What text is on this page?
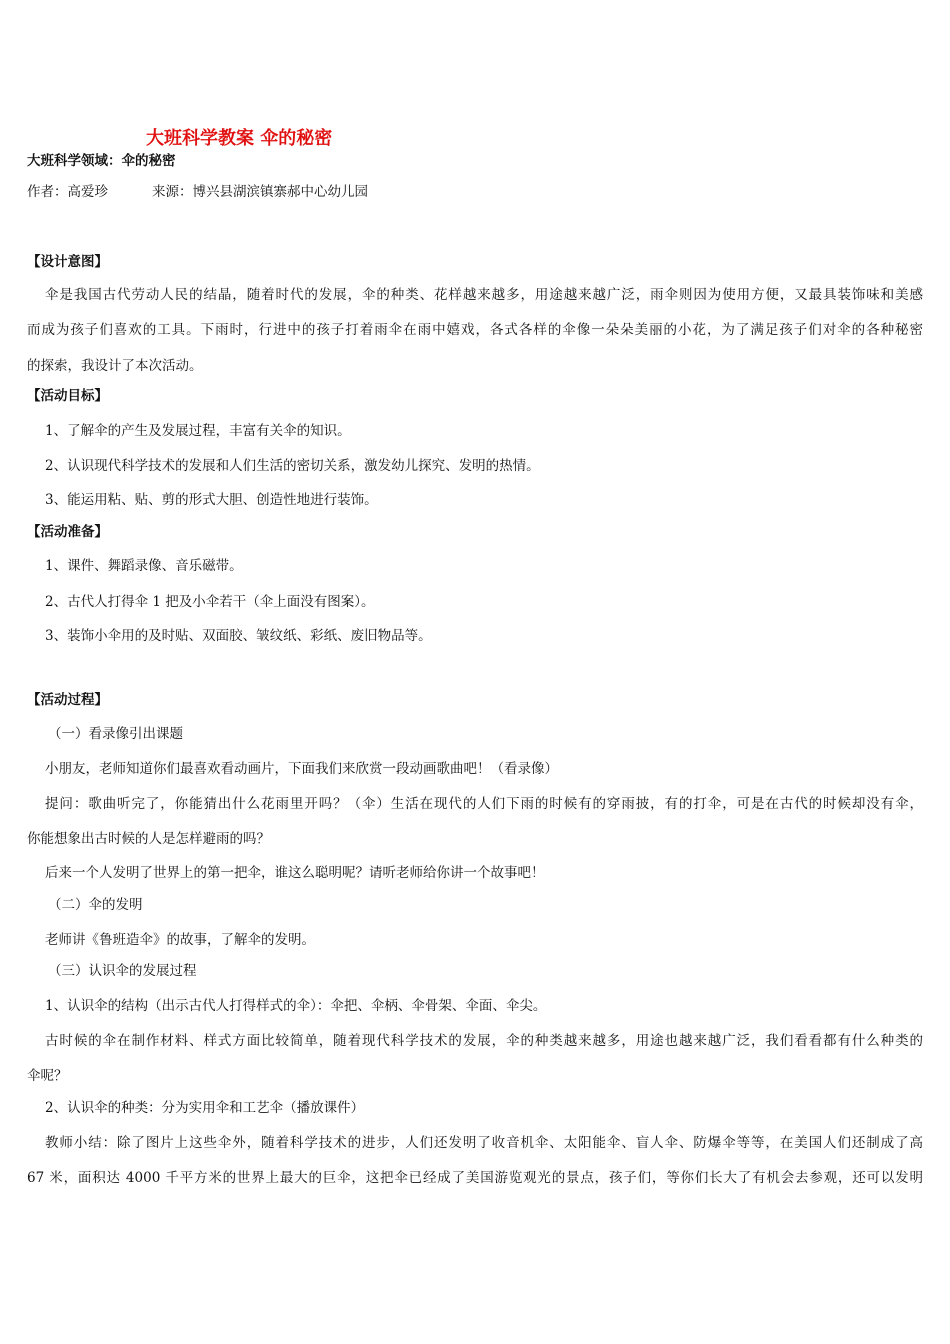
大班科学教案 伞的秘密
大班科学领域：伞的秘密
作者：高爱珍	来源：博兴县湖滨镇寨郝中心幼儿园
【设计意图】
伞是我国古代劳动人民的结晶，随着时代的发展，伞的种类、花样越来越多，用途越来越广泛，雨伞则因为使用方便，又最具装饰味和美感
而成为孩子们喜欢的工具。下雨时，行进中的孩子打着雨伞在雨中嬉戏，各式各样的伞像一朵朵美丽的小花，为了满足孩子们对伞的各种秘密
的探索，我设计了本次活动。
【活动目标】
1、了解伞的产生及发展过程，丰富有关伞的知识。
2、认识现代科学技术的发展和人们生活的密切关系，激发幼儿探究、发明的热情。
3、能运用粘、贴、剪的形式大胆、创造性地进行装饰。
【活动准备】
1、课件、舞蹈录像、音乐磁带。
2、古代人打得伞 1 把及小伞若干（伞上面没有图案）。
3、装饰小伞用的及时贴、双面胶、皱纹纸、彩纸、废旧物品等。
【活动过程】
（一）看录像引出课题
小朋友，老师知道你们最喜欢看动画片，下面我们来欣赏一段动画歌曲吧！（看录像）
提问：歌曲听完了，你能猜出什么花雨里开吗？（伞）生活在现代的人们下雨的时候有的穿雨披，有的打伞，可是在古代的时候却没有伞，
你能想象出古时候的人是怎样避雨的吗？
后来一个人发明了世界上的第一把伞，谁这么聪明呢？请听老师给你讲一个故事吧！
（二）伞的发明
老师讲《鲁班造伞》的故事，了解伞的发明。
（三）认识伞的发展过程
1、认识伞的结构（出示古代人打得样式的伞）：伞把、伞柄、伞骨架、伞面、伞尖。
古时候的伞在制作材料、样式方面比较简单，随着现代科学技术的发展，伞的种类越来越多，用途也越来越广泛，我们看看都有什么种类的
伞呢？
2、认识伞的种类：分为实用伞和工艺伞（播放课件）
教师小结：除了图片上这些伞外，随着科学技术的进步，人们还发明了收音机伞、太阳能伞、盲人伞、防爆伞等等，在美国人们还制成了高
67 米，面积达 4000 千平方米的世界上最大的巨伞，这把伞已经成了美国游览观光的景点，孩子们，等你们长大了有机会去参观，还可以发明
